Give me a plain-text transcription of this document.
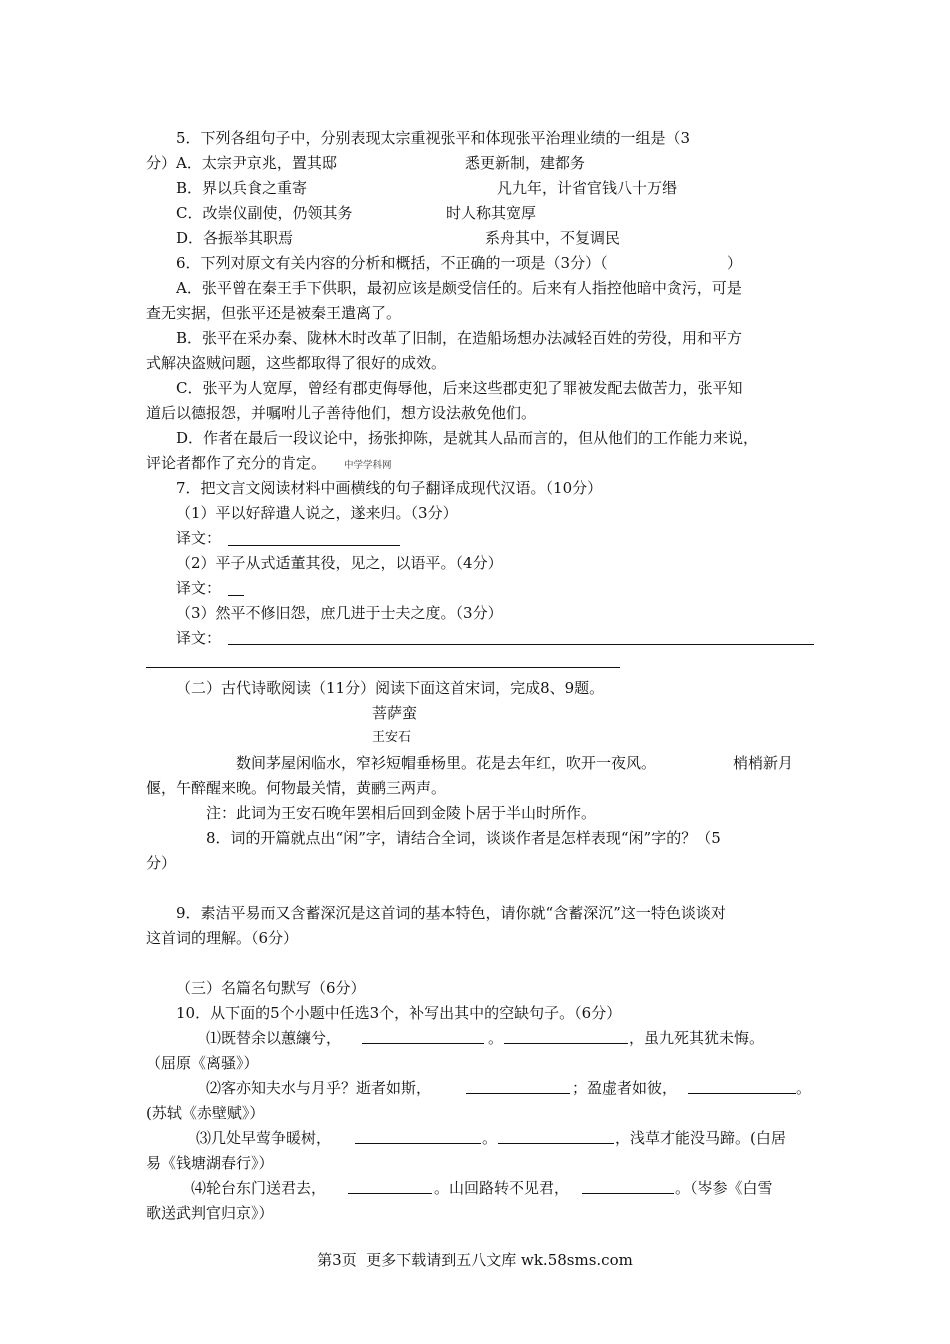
5．下列各组句子中，分别表现太宗重视张平和体现张平治理业绩的一组是（3
分）A．太宗尹京兆，置其邸	悉更新制，建都务
B．界以兵食之重寄	凡九年，计省官钱八十万缗
C．改崇仪副使，仍领其务	时人称其宽厚
D．各振举其职焉	系舟其中，不复调民
6．下列对原文有关内容的分析和概括，不正确的一项是（3分）（	）
A．张平曾在秦王手下供职，最初应该是颇受信任的。后来有人指控他暗中贪污，可是
查无实据，但张平还是被秦王遣离了。
B．张平在采办秦、陇林木时改革了旧制，在造船场想办法减轻百姓的劳役，用和平方
式解决盗贼问题，这些都取得了很好的成效。
C．张平为人宽厚，曾经有郡吏侮辱他，后来这些郡吏犯了罪被发配去做苦力，张平知
道后以德报怨，并嘱咐儿子善待他们，想方设法赦免他们。
D．作者在最后一段议论中，扬张抑陈，是就其人品而言的，但从他们的工作能力来说，
评论者都作了充分的肯定。 中学学科网
7．把文言文阅读材料中画横线的句子翻译成现代汉语。（10分）
（1）平以好辞遣人说之，遂来归。（3分）
译文：
（2）平子从式适董其役，见之，以语平。（4分）
译文：
（3）然平不修旧怨，庶几进于士夫之度。（3分）
译文：
（二）古代诗歌阅读（11分）阅读下面这首宋词，完成8、9题。
菩萨蛮
王安石
数间茅屋闲临水，窄衫短帽垂杨里。花是去年红，吹开一夜风。	梢梢新月
偃，午醉醒来晚。何物最关情，黄鹂三两声。
注：此词为王安石晚年罢相后回到金陵卜居于半山时所作。
8．词的开篇就点出“闲”字，请结合全词，谈谈作者是怎样表现“闲”字的？（5
分）
9．素洁平易而又含蓄深沉是这首词的基本特色，请你就“含蓄深沉”这一特色谈谈对
这首词的理解。（6分）
（三）名篇名句默写（6分）
10．从下面的5个小题中任选3个，补写出其中的空缺句子。（6分）
⑴既替余以蕙纕兮，	。	，虽九死其犹未悔。
（屈原《离骚》）
⑵客亦知夫水与月乎？逝者如斯，	；盈虚者如彼，	。
(苏轼《赤壁赋》）
⑶几处早莺争暖树，	。	，浅草才能没马蹄。(白居
易《钱塘湖春行》）
⑷轮台东门送君去，	。山回路转不见君，	。（岑参《白雪
歌送武判官归京》）
第3页  更多下载请到五八文库 wk.58sms.com
